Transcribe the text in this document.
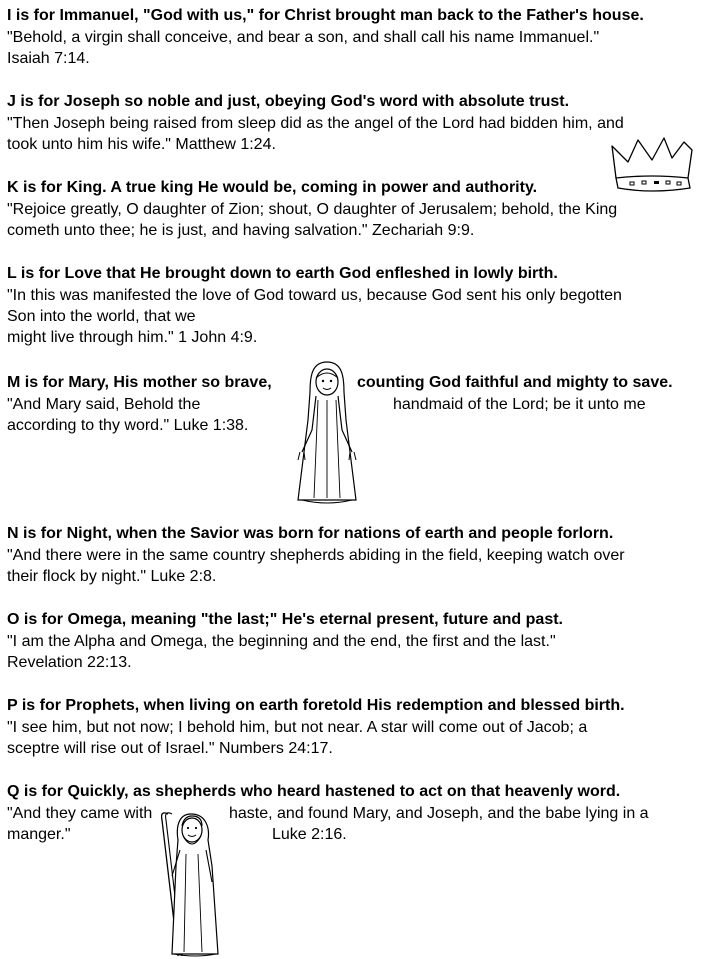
I is for Immanuel, "God with us," for Christ brought man back to the Father's house.
"Behold, a virgin shall conceive, and bear a son, and shall call his name Immanuel."
Isaiah 7:14.
J is for Joseph so noble and just, obeying God's word with absolute trust.
"Then Joseph being raised from sleep did as the angel of the Lord had bidden him, and
took unto him his wife." Matthew 1:24.
K is for King. A true king He would be, coming in power and authority.
"Rejoice greatly, O daughter of Zion; shout, O daughter of Jerusalem; behold, the King
cometh unto thee; he is just, and having salvation." Zechariah 9:9.
L is for Love that He brought down to earth God enfleshed in lowly birth.
"In this was manifested the love of God toward us, because God sent his only begotten
Son into the world, that we
might live through him." 1 John 4:9.
M is for Mary, His mother so brave,	counting God faithful and mighty to save.
"And Mary said, Behold the	handmaid of the Lord; be it unto me
according to thy word." Luke 1:38.
N is for Night, when the Savior was born for nations of earth and people forlorn.
"And there were in the same country shepherds abiding in the field, keeping watch over
their flock by night." Luke 2:8.
O is for Omega, meaning "the last;" He's eternal present, future and past.
"I am the Alpha and Omega, the beginning and the end, the first and the last."
Revelation 22:13.
P is for Prophets, when living on earth foretold His redemption and blessed birth.
"I see him, but not now; I behold him, but not near. A star will come out of Jacob; a
sceptre will rise out of Israel." Numbers 24:17.
Q is for Quickly, as shepherds who heard hastened to act on that heavenly word.
"And they came with	haste, and found Mary, and Joseph, and the babe lying in a
manger."	Luke 2:16.
